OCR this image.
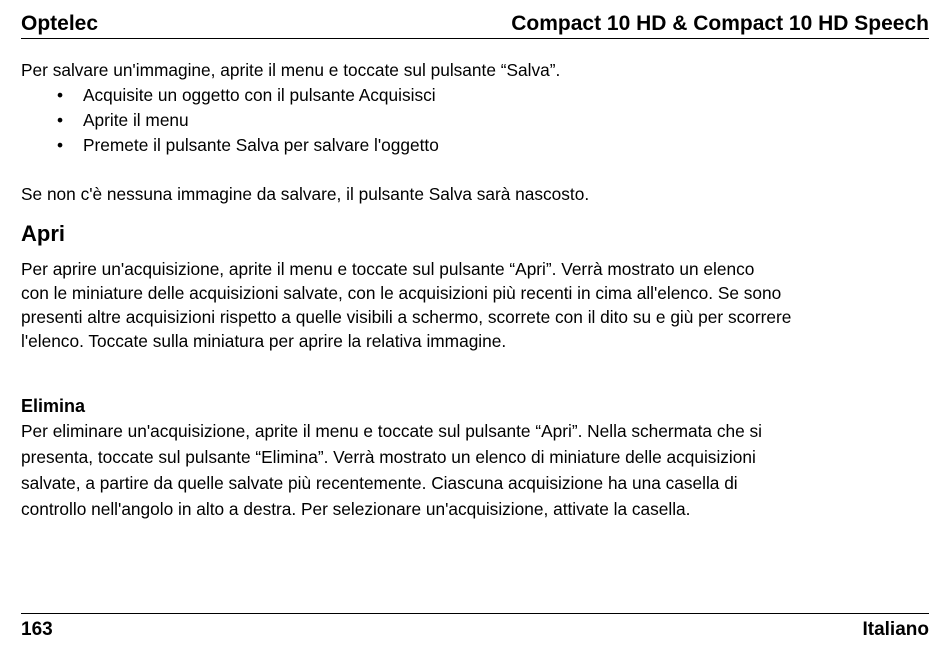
Optelec	Compact 10 HD & Compact 10 HD Speech

Per salvare un'immagine, aprite il menu e toccate sul pulsante “Salva”.

• Acquisite un oggetto con il pulsante Acquisisci
• Aprite il menu
• Premete il pulsante Salva per salvare l'oggetto

Se non c'è nessuna immagine da salvare, il pulsante Salva sarà nascosto.

Apri

Per aprire un'acquisizione, aprite il menu e toccate sul pulsante “Apri”. Verrà mostrato un elenco
con le miniature delle acquisizioni salvate, con le acquisizioni più recenti in cima all'elenco. Se sono
presenti altre acquisizioni rispetto a quelle visibili a schermo, scorrete con il dito su e giù per scorrere
l'elenco. Toccate sulla miniatura per aprire la relativa immagine.

Elimina

Per eliminare un'acquisizione, aprite il menu e toccate sul pulsante “Apri”. Nella schermata che si
presenta, toccate sul pulsante “Elimina”. Verrà mostrato un elenco di miniature delle acquisizioni
salvate, a partire da quelle salvate più recentemente. Ciascuna acquisizione ha una casella di
controllo nell'angolo in alto a destra. Per selezionare un'acquisizione, attivate la casella.

163	Italiano
